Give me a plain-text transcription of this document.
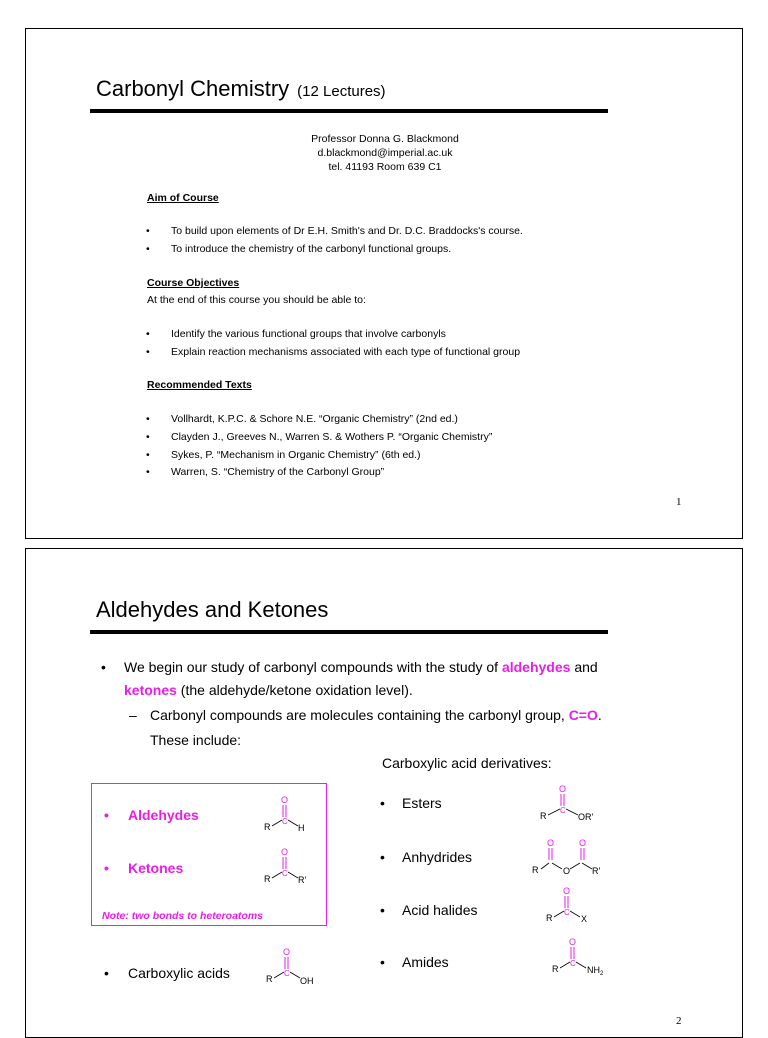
Carbonyl Chemistry (12 Lectures)
Professor Donna G. Blackmond
d.blackmond@imperial.ac.uk
tel. 41193 Room 639 C1
Aim of Course
• To build upon elements of Dr E.H. Smith's and Dr. D.C. Braddocks's course.
• To introduce the chemistry of the carbonyl functional groups.
Course Objectives
At the end of this course you should be able to:
• Identify the various functional groups that involve carbonyls
• Explain reaction mechanisms associated with each type of functional group
Recommended Texts
• Vollhardt, K.P.C. & Schore N.E. “Organic Chemistry” (2nd ed.)
• Clayden J., Greeves N., Warren S. & Wothers P. “Organic Chemistry”
• Sykes, P. “Mechanism in Organic Chemistry” (6th ed.)
• Warren, S. “Chemistry of the Carbonyl Group”
1
Aldehydes and Ketones
• We begin our study of carbonyl compounds with the study of aldehydes and
ketones (the aldehyde/ketone oxidation level).
– Carbonyl compounds are molecules containing the carbonyl group, C=O.
These include:
Carboxylic acid derivatives:
• Aldehydes
• Ketones
Note: two bonds to heteroatoms
• Carboxylic acids
• Esters
• Anhydrides
• Acid halides
• Amides
O
C
R	H
O
C
R	R'
O
C
R	OH
O
C
R	OR'
O
R	O
O
R'
O
C
R	X
O
C
R	$NH_2$
2
